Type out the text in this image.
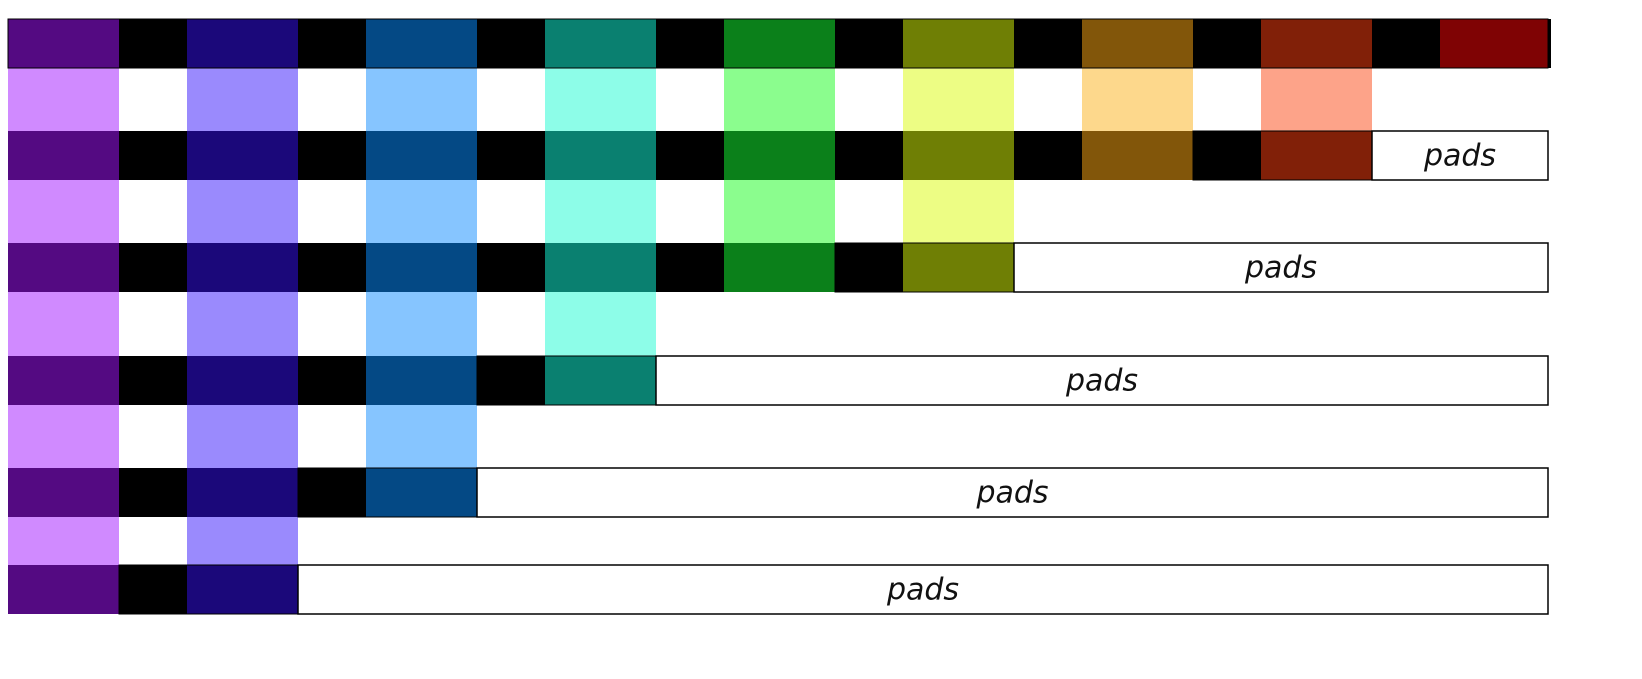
pads
pads
pads
pads
pads
